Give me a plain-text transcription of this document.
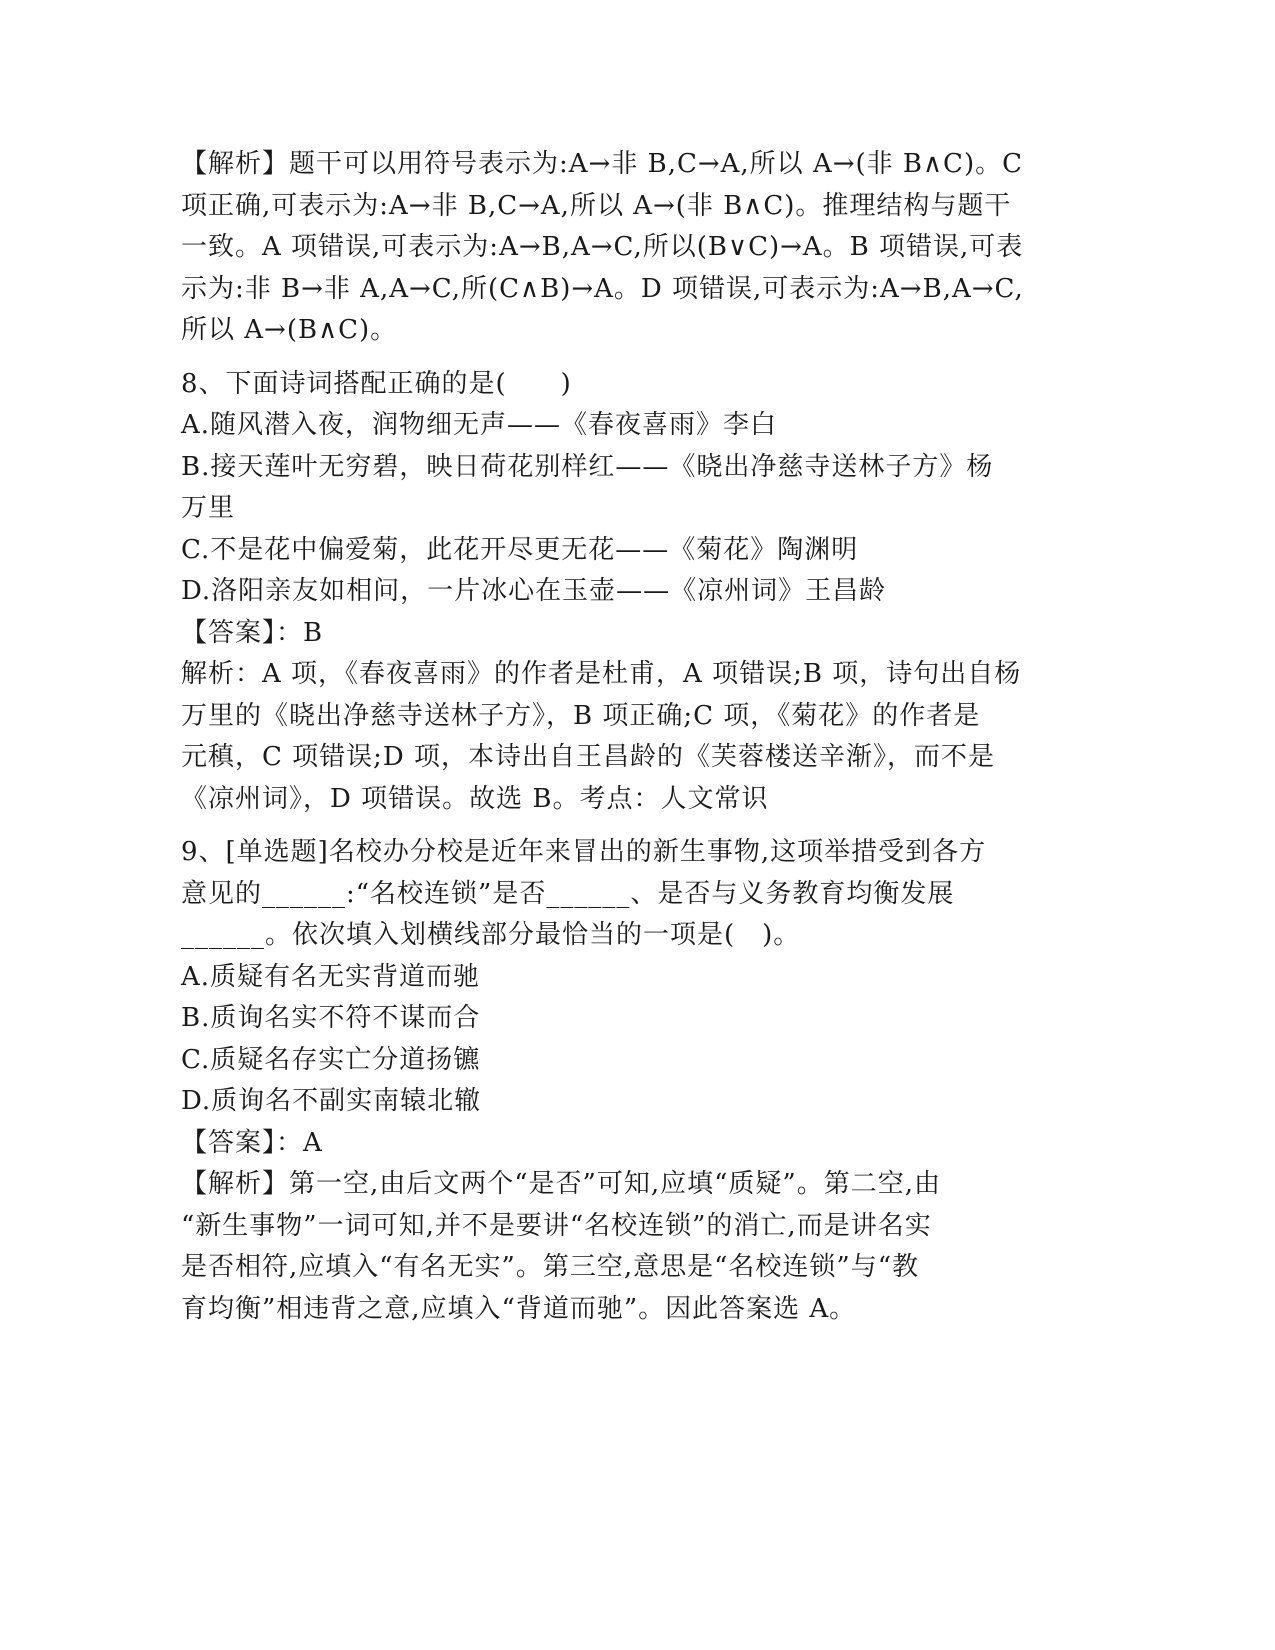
【解析】题干可以用符号表示为:A→非 B,C→A,所以 A→(非 B∧C)。C
项正确,可表示为:A→非 B,C→A,所以 A→(非 B∧C)。推理结构与题干
一致。A 项错误,可表示为:A→B,A→C,所以(B∨C)→A。B 项错误,可表
示为:非 B→非 A,A→C,所(C∧B)→A。D 项错误,可表示为:A→B,A→C,
所以 A→(B∧C)。
8、下面诗词搭配正确的是(　　)
A.随风潜入夜，润物细无声——《春夜喜雨》李白
B.接天莲叶无穷碧，映日荷花别样红——《晓出净慈寺送林子方》杨
万里
C.不是花中偏爱菊，此花开尽更无花——《菊花》陶渊明
D.洛阳亲友如相问，一片冰心在玉壶——《凉州词》王昌龄
【答案】：B
解析：A 项，《春夜喜雨》的作者是杜甫，A 项错误;B 项，诗句出自杨
万里的《晓出净慈寺送林子方》，B 项正确;C 项，《菊花》的作者是
元稹，C 项错误;D 项，本诗出自王昌龄的《芙蓉楼送辛渐》，而不是
《凉州词》，D 项错误。故选 B。考点：人文常识
9、[单选题]名校办分校是近年来冒出的新生事物,这项举措受到各方
意见的______:“名校连锁”是否______、是否与义务教育均衡发展
______。依次填入划横线部分最恰当的一项是(　)。
A.质疑有名无实背道而驰
B.质询名实不符不谋而合
C.质疑名存实亡分道扬镳
D.质询名不副实南辕北辙
【答案】：A
【解析】第一空,由后文两个“是否”可知,应填“质疑”。第二空,由
“新生事物”一词可知,并不是要讲“名校连锁”的消亡,而是讲名实
是否相符,应填入“有名无实”。第三空,意思是“名校连锁”与“教
育均衡”相违背之意,应填入“背道而驰”。因此答案选 A。
